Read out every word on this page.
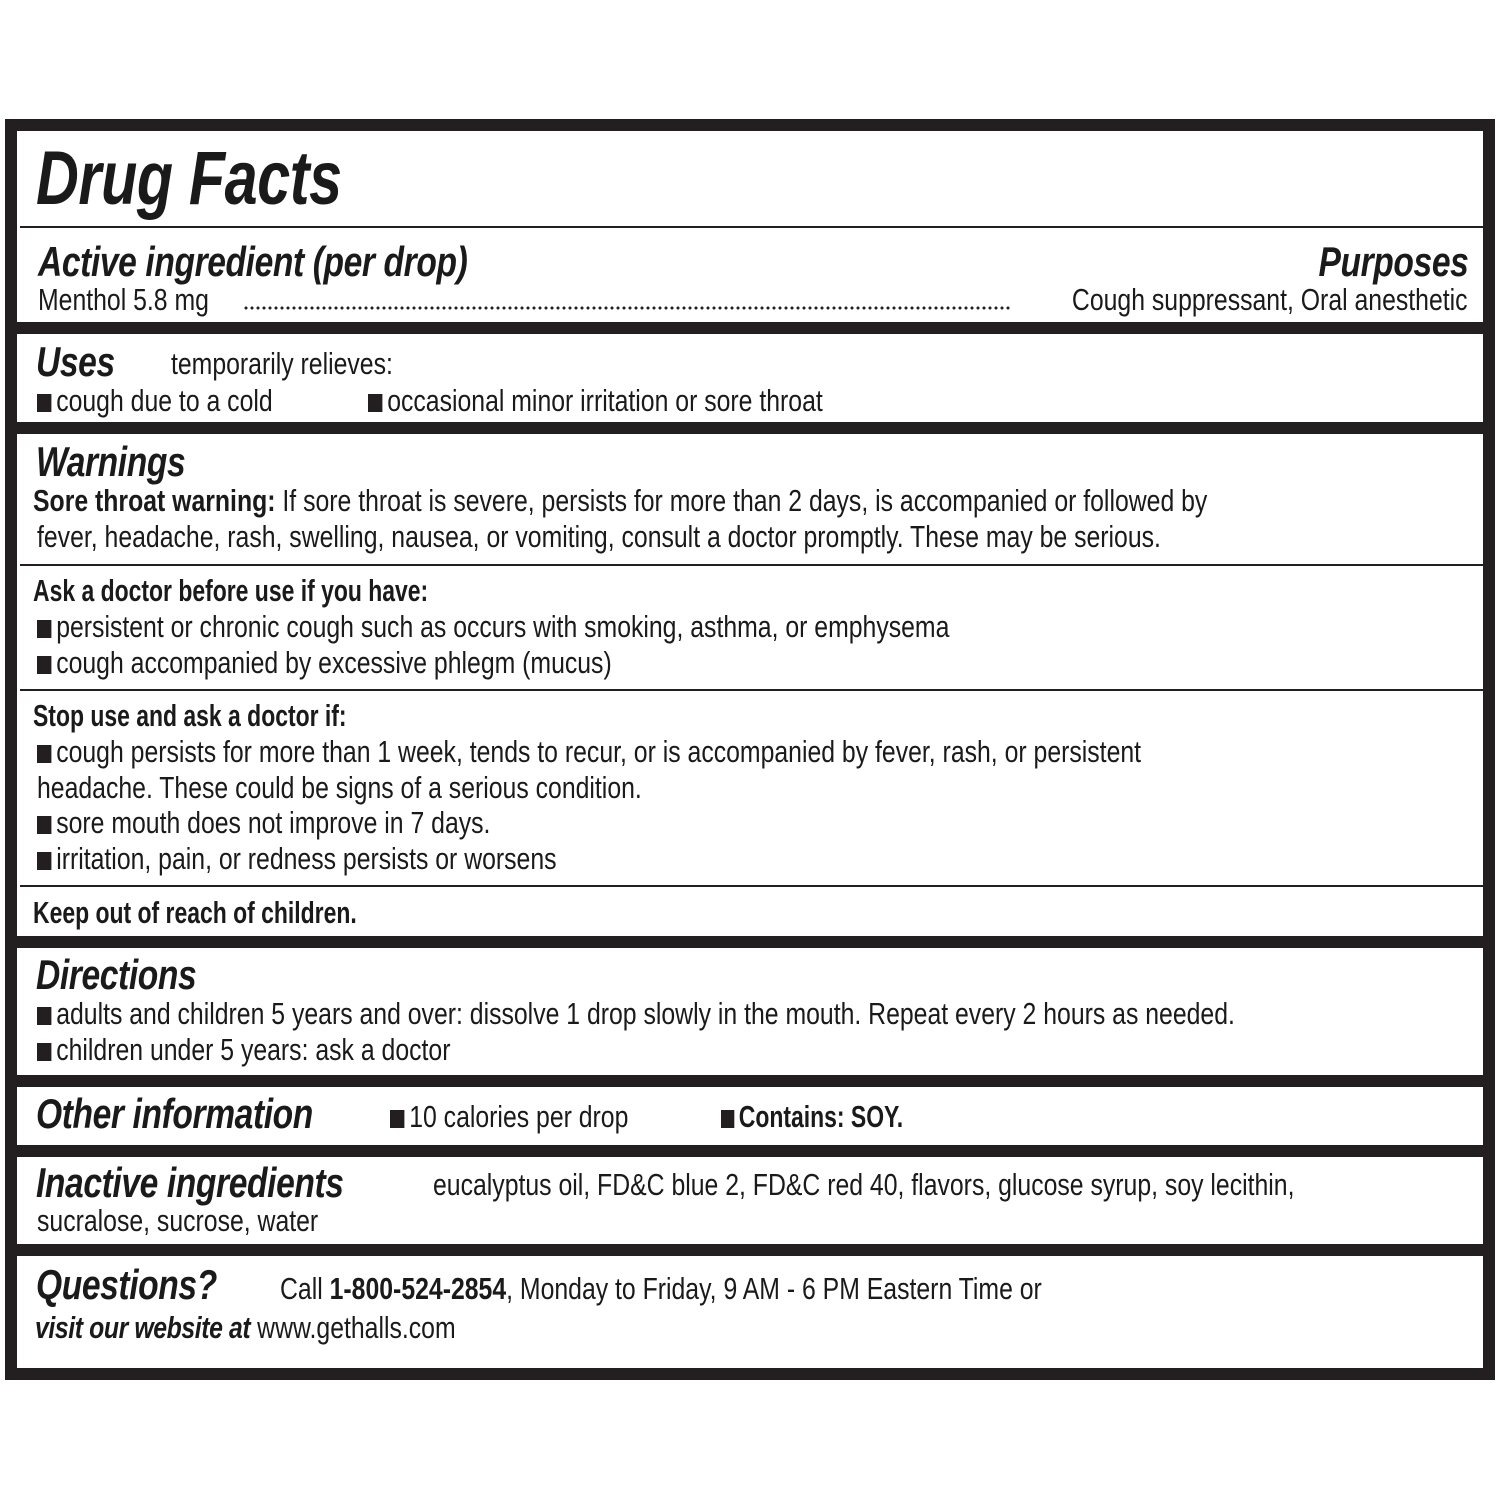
Drug Facts
Active ingredient (per drop)	Purposes
Menthol 5.8 mg	Cough suppressant, Oral anesthetic
Uses temporarily relieves:
cough due to a cold	occasional minor irritation or sore throat
Warnings
Sore throat warning: If sore throat is severe, persists for more than 2 days, is accompanied or followed by
fever, headache, rash, swelling, nausea, or vomiting, consult a doctor promptly. These may be serious.
Ask a doctor before use if you have:
persistent or chronic cough such as occurs with smoking, asthma, or emphysema
cough accompanied by excessive phlegm (mucus)
Stop use and ask a doctor if:
cough persists for more than 1 week, tends to recur, or is accompanied by fever, rash, or persistent
headache. These could be signs of a serious condition.
sore mouth does not improve in 7 days.
irritation, pain, or redness persists or worsens
Keep out of reach of children.
Directions
adults and children 5 years and over: dissolve 1 drop slowly in the mouth. Repeat every 2 hours as needed.
children under 5 years: ask a doctor
Other information	10 calories per drop	Contains: SOY.
Inactive ingredients	eucalyptus oil, FD&C blue 2, FD&C red 40, flavors, glucose syrup, soy lecithin,
sucralose, sucrose, water
Questions? Call 1-800-524-2854, Monday to Friday, 9 AM - 6 PM Eastern Time or
visit our website at www.gethalls.com
